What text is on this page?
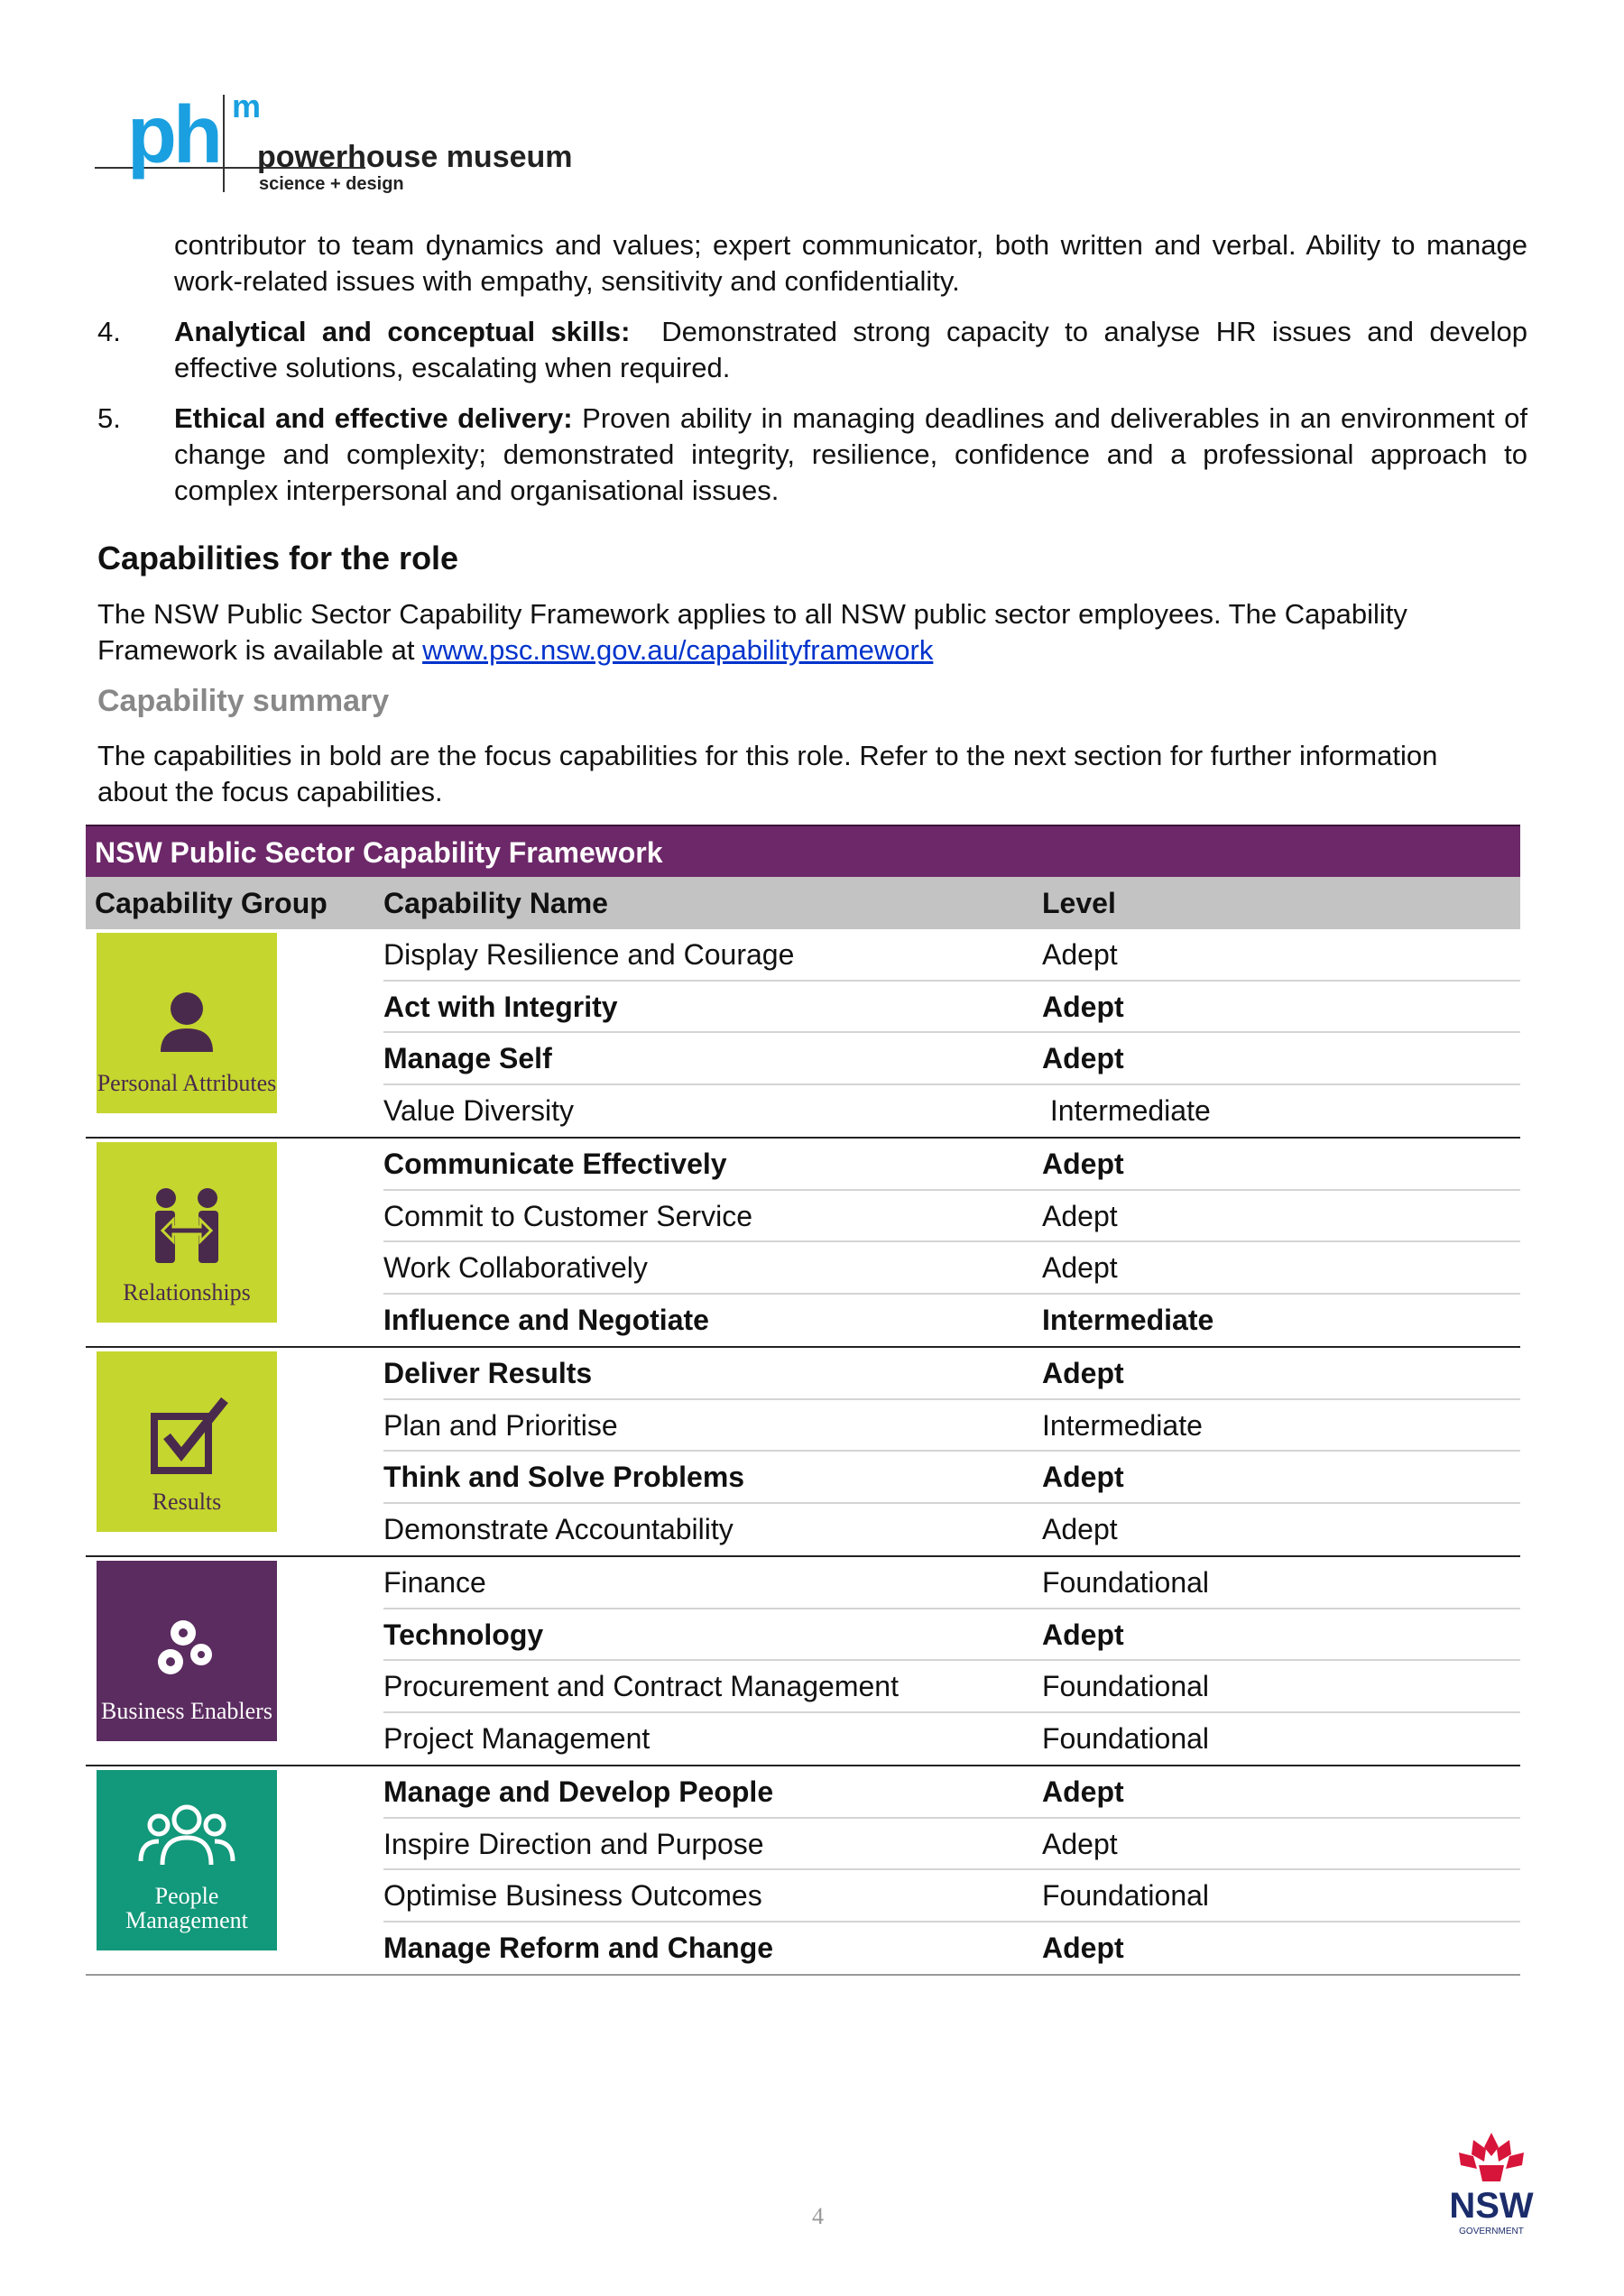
ph m
powerhouse museum
science + design
contributor to team dynamics and values; expert communicator, both written and verbal. Ability to manage work-related issues with empathy, sensitivity and confidentiality.
4.	Analytical and conceptual skills: Demonstrated strong capacity to analyse HR issues and develop effective solutions, escalating when required.
5.	Ethical and effective delivery: Proven ability in managing deadlines and deliverables in an environment of change and complexity; demonstrated integrity, resilience, confidence and a professional approach to complex interpersonal and organisational issues.
Capabilities for the role
The NSW Public Sector Capability Framework applies to all NSW public sector employees. The Capability Framework is available at www.psc.nsw.gov.au/capabilityframework
Capability summary
The capabilities in bold are the focus capabilities for this role. Refer to the next section for further information about the focus capabilities.
NSW Public Sector Capability Framework
Capability Group	Capability Name	Level
Personal Attributes
Display Resilience and Courage	Adept
Act with Integrity	Adept
Manage Self	Adept
Value Diversity	Intermediate
Relationships
Communicate Effectively	Adept
Commit to Customer Service	Adept
Work Collaboratively	Adept
Influence and Negotiate	Intermediate
Results
Deliver Results	Adept
Plan and Prioritise	Intermediate
Think and Solve Problems	Adept
Demonstrate Accountability	Adept
Business Enablers
Finance	Foundational
Technology	Adept
Procurement and Contract Management	Foundational
Project Management	Foundational
People Management
Manage and Develop People	Adept
Inspire Direction and Purpose	Adept
Optimise Business Outcomes	Foundational
Manage Reform and Change	Adept
4	NSW
GOVERNMENT
